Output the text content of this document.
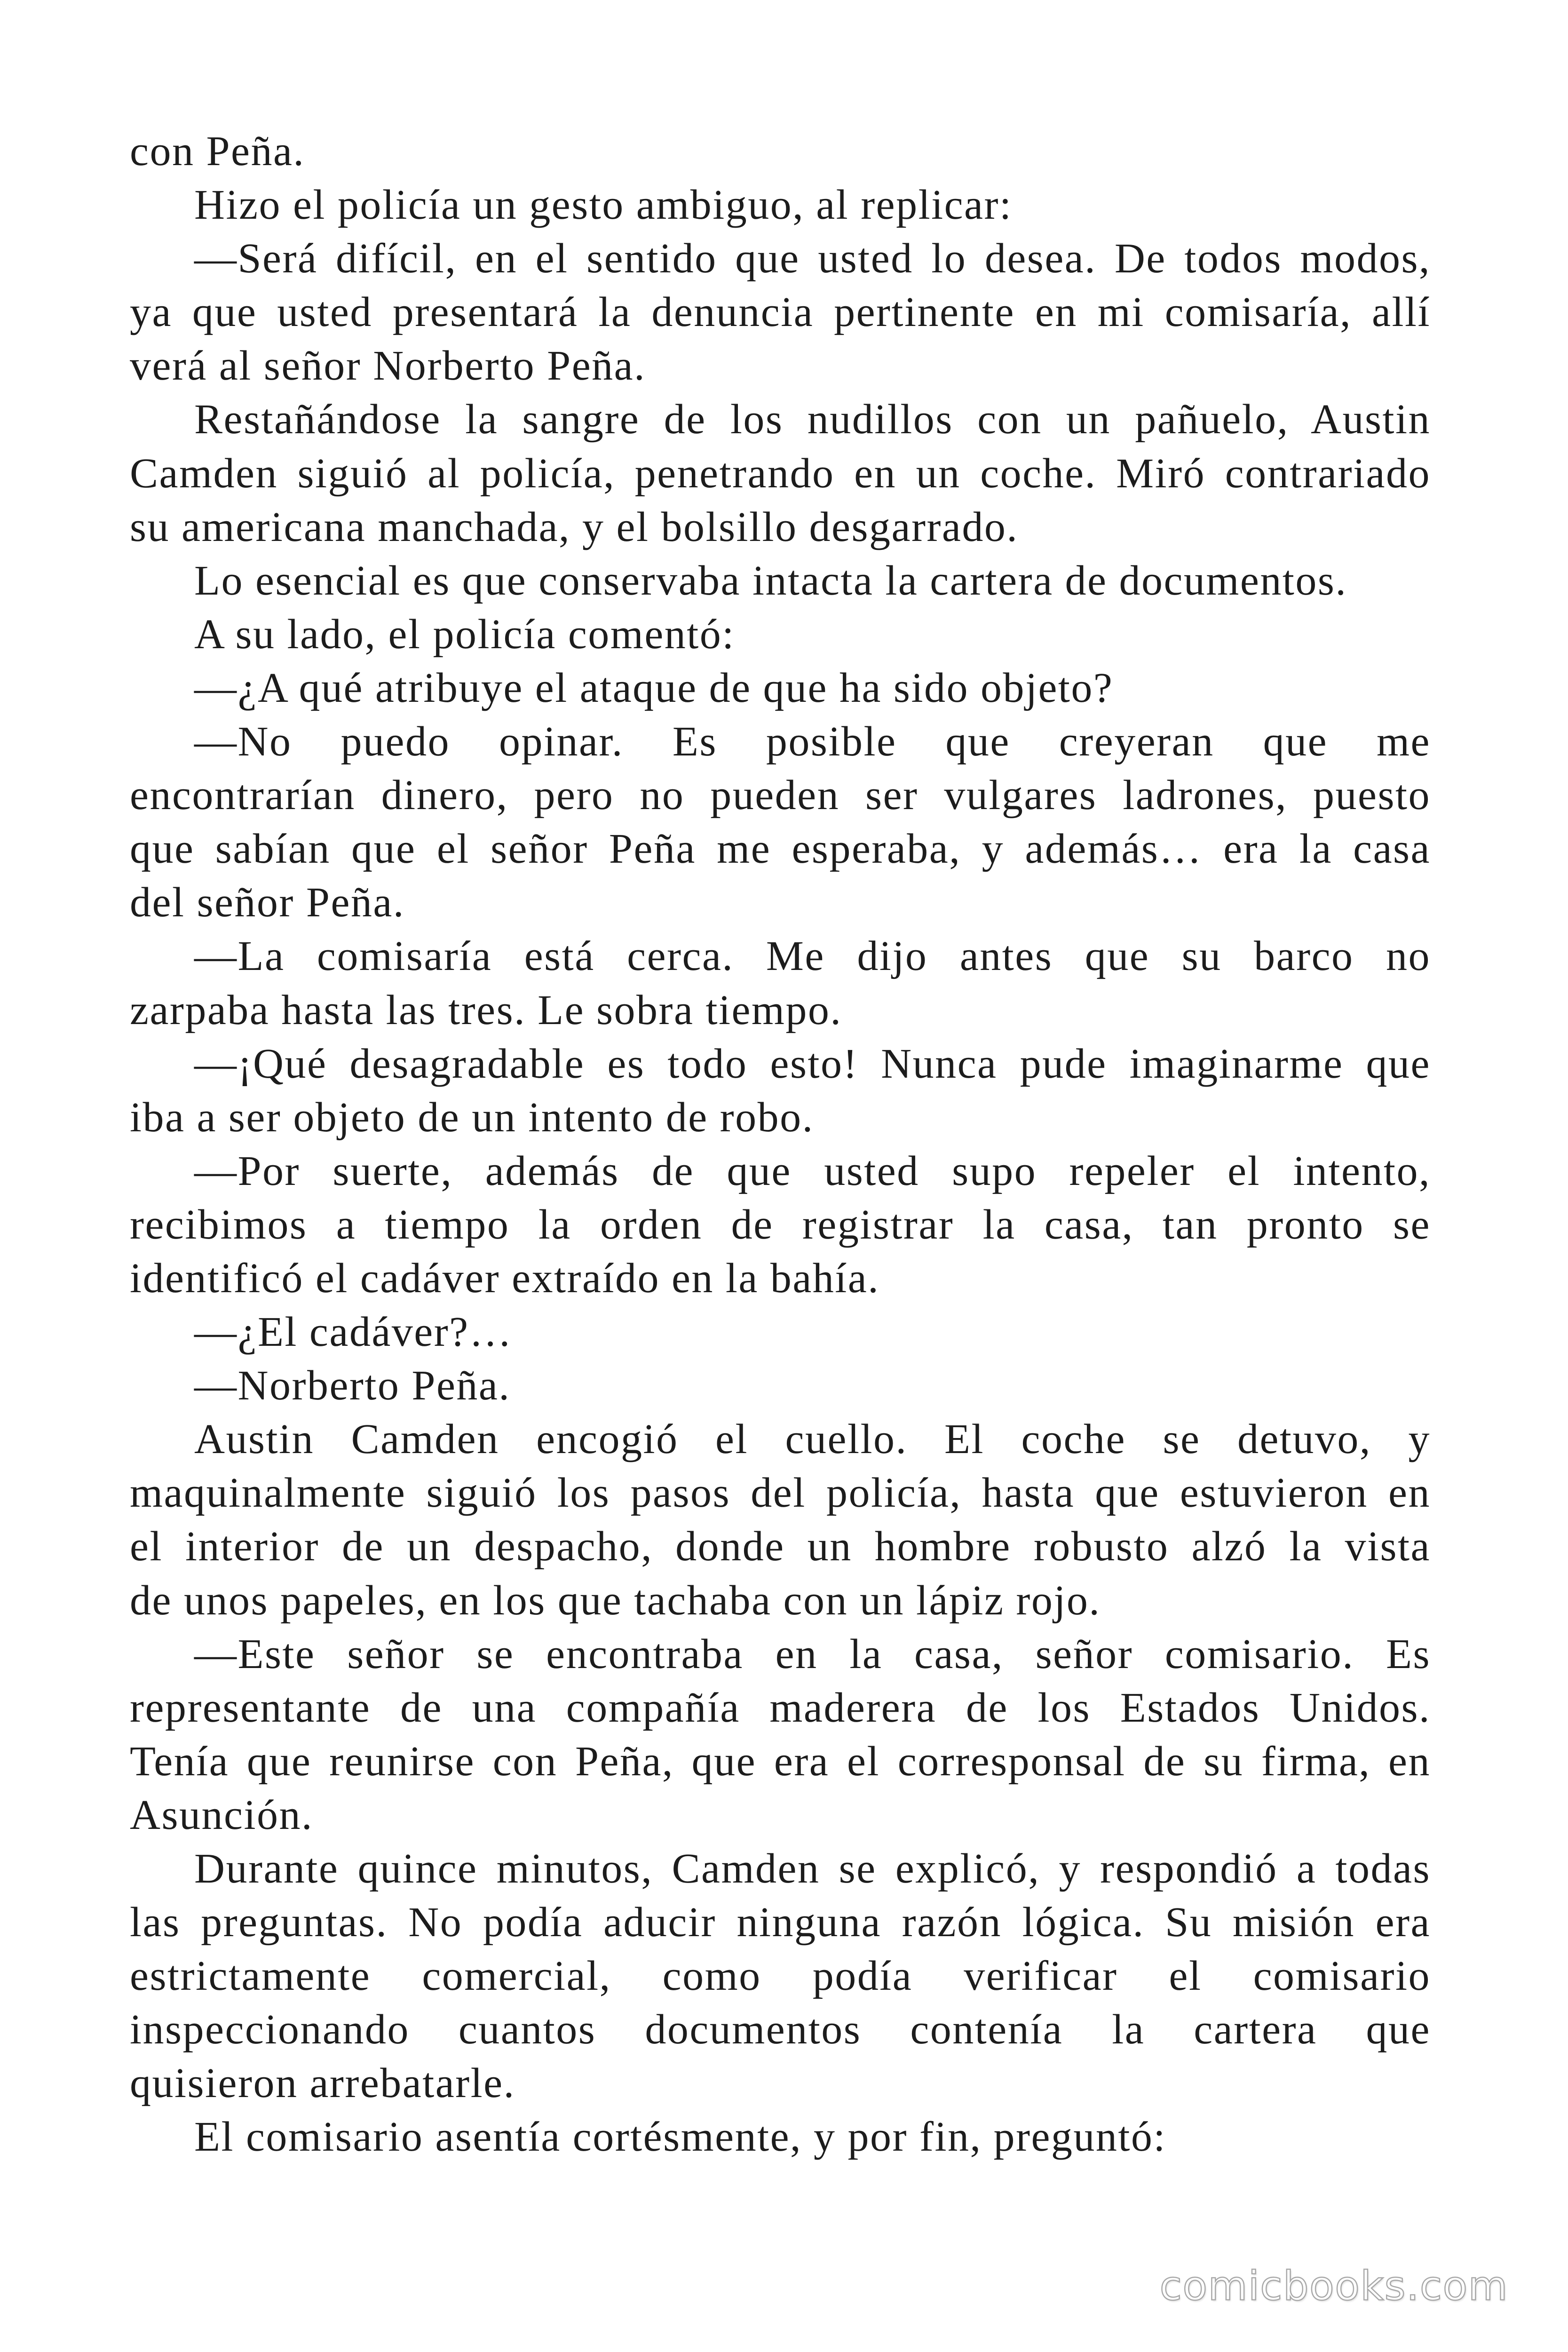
con Peña.
Hizo el policía un gesto ambiguo, al replicar:
—Será difícil, en el sentido que usted lo desea. De todos modos,
ya que usted presentará la denuncia pertinente en mi comisaría, allí
verá al señor Norberto Peña.
Restañándose la sangre de los nudillos con un pañuelo, Austin
Camden siguió al policía, penetrando en un coche. Miró contrariado
su americana manchada, y el bolsillo desgarrado.
Lo esencial es que conservaba intacta la cartera de documentos.
A su lado, el policía comentó:
—¿A qué atribuye el ataque de que ha sido objeto?
—No puedo opinar. Es posible que creyeran que me
encontrarían dinero, pero no pueden ser vulgares ladrones, puesto
que sabían que el señor Peña me esperaba, y además… era la casa
del señor Peña.
—La comisaría está cerca. Me dijo antes que su barco no
zarpaba hasta las tres. Le sobra tiempo.
—¡Qué desagradable es todo esto! Nunca pude imaginarme que
iba a ser objeto de un intento de robo.
—Por suerte, además de que usted supo repeler el intento,
recibimos a tiempo la orden de registrar la casa, tan pronto se
identificó el cadáver extraído en la bahía.
—¿El cadáver?…
—Norberto Peña.
Austin Camden encogió el cuello. El coche se detuvo, y
maquinalmente siguió los pasos del policía, hasta que estuvieron en
el interior de un despacho, donde un hombre robusto alzó la vista
de unos papeles, en los que tachaba con un lápiz rojo.
—Este señor se encontraba en la casa, señor comisario. Es
representante de una compañía maderera de los Estados Unidos.
Tenía que reunirse con Peña, que era el corresponsal de su firma, en
Asunción.
Durante quince minutos, Camden se explicó, y respondió a todas
las preguntas. No podía aducir ninguna razón lógica. Su misión era
estrictamente comercial, como podía verificar el comisario
inspeccionando cuantos documentos contenía la cartera que
quisieron arrebatarle.
El comisario asentía cortésmente, y por fin, preguntó:
comicbooks.com
